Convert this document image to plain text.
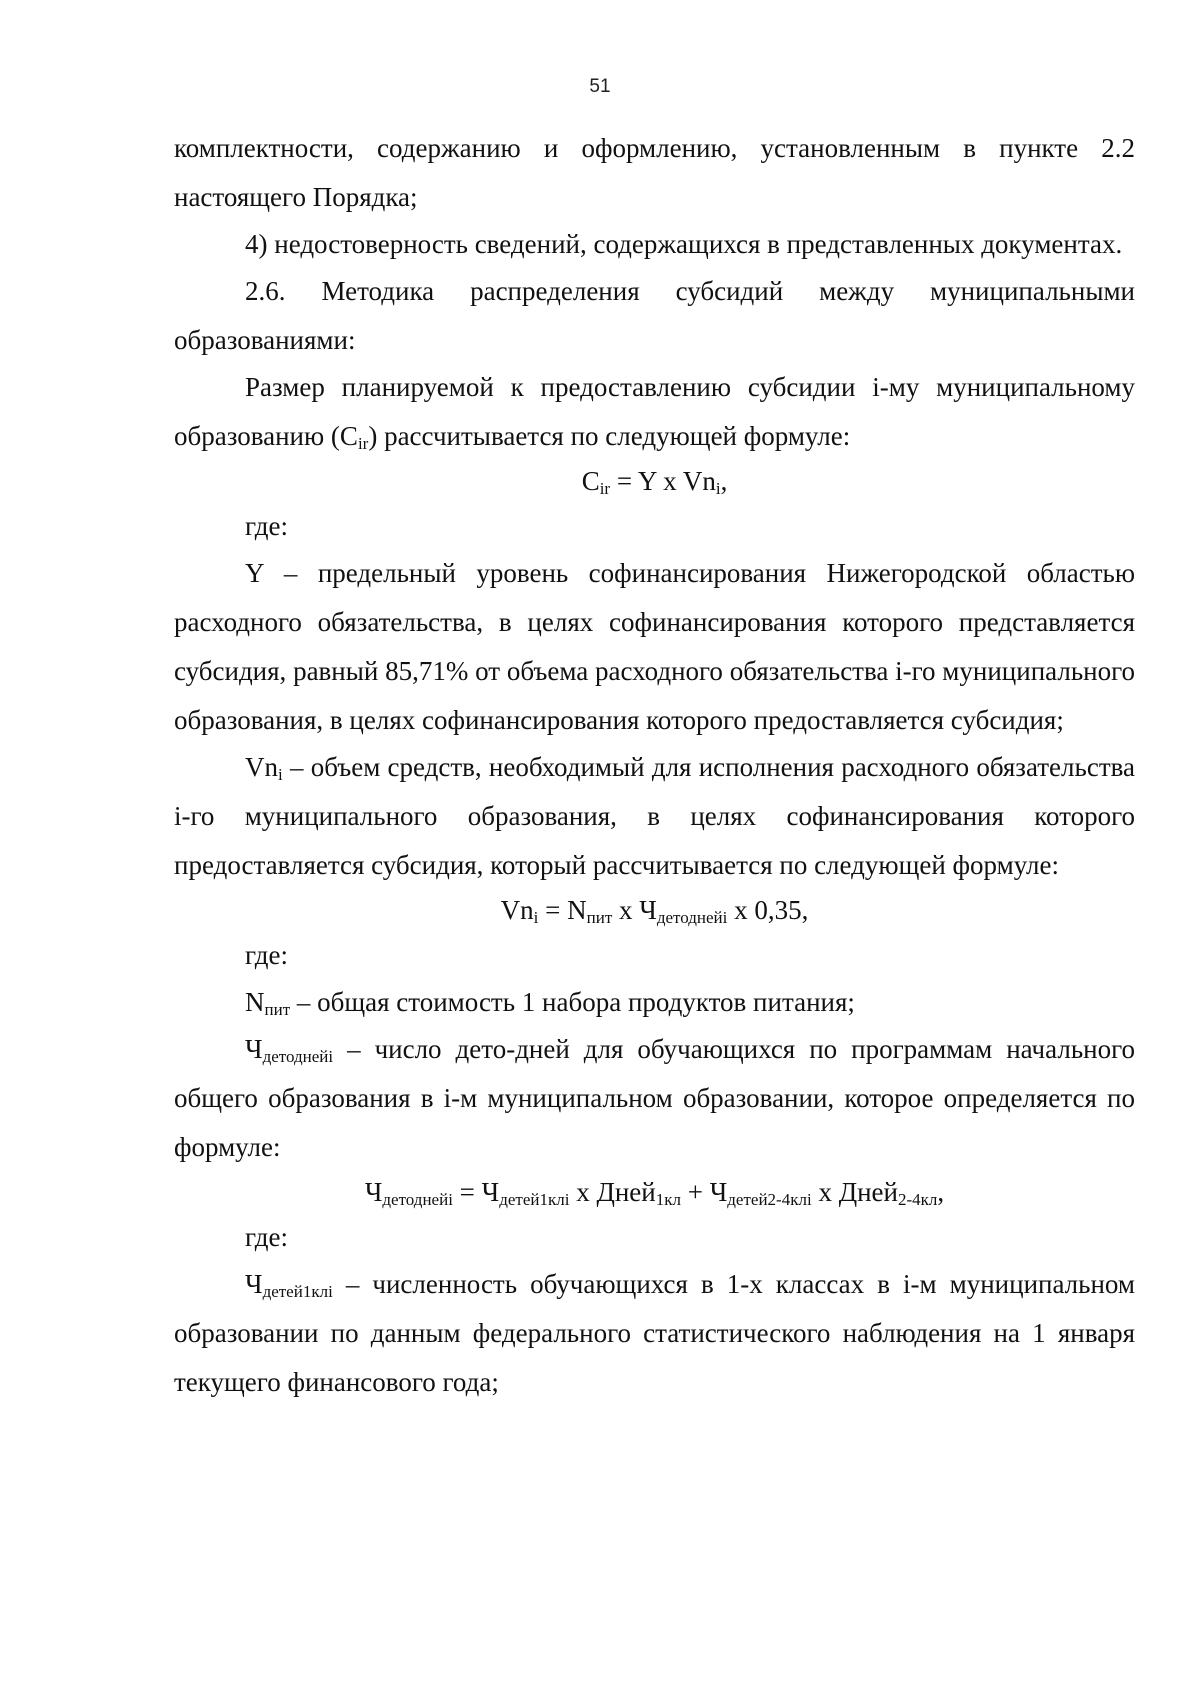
51

комплектности, содержанию и оформлению, установленным в пункте 2.2 настоящего Порядка;

4) недостоверность сведений, содержащихся в представленных документах.

2.6. Методика распределения субсидий между муниципальными образованиями:

Размер планируемой к предоставлению субсидии i-му муниципальному образованию $(C_{ir})$ рассчитывается по следующей формуле:

$C_{ir} = Y$ x $Vn_i$,

где:

Y – предельный уровень софинансирования Нижегородской областью расходного обязательства, в целях софинансирования которого представляется субсидия, равный 85,71% от объема расходного обязательства i-го муниципального образования, в целях софинансирования которого предоставляется субсидия;

$Vn_i$ – объем средств, необходимый для исполнения расходного обязательства i-го муниципального образования, в целях софинансирования которого предоставляется субсидия, который рассчитывается по следующей формуле:

$Vn_i = N_{пит}$ x $Ч_{детоднейi}$ x 0,35,

где:

$N_{пит}$ – общая стоимость 1 набора продуктов питания;

$Ч_{детоднейi}$ – число дето-дней для обучающихся по программам начального общего образования в i-м муниципальном образовании, которое определяется по формуле:

$Ч_{детоднейi} = Ч_{детей1клi}$ x Дней$_{1кл}$ + $Ч_{детей2-4клi}$ x Дней$_{2-4кл}$,

где:

$Ч_{детей1клi}$ – численность обучающихся в 1-х классах в i-м муниципальном образовании по данным федерального статистического наблюдения на 1 января текущего финансового года;
